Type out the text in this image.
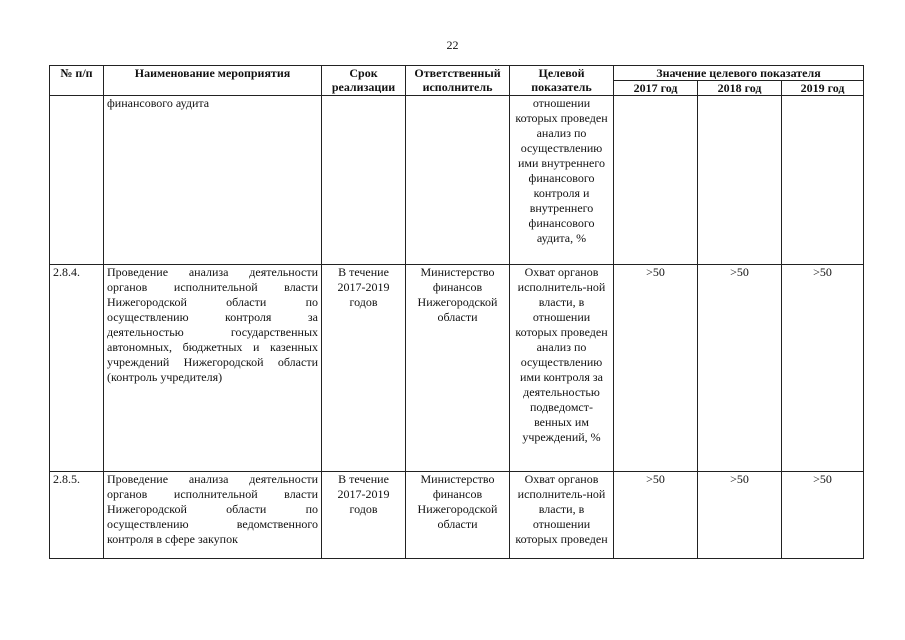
22
№ п/п	Наименование мероприятия	Срок реализации	Ответственный исполнитель	Целевой показатель	Значение целевого показателя		
					2017 год	2018 год	2019 год
	финансового аудита			отношении которых проведен анализ по осуществлению ими внутреннего финансового контроля и внутреннего финансового аудита, %			
2.8.4.	Проведение анализа деятельности органов исполнительной власти Нижегородской области по осуществлению контроля за деятельностью государственных автономных, бюджетных и казенных учреждений Нижегородской области (контроль учредителя)	В течение 2017-2019 годов	Министерство финансов Нижегородской области	Охват органов исполнитель-ной власти, в отношении которых проведен анализ по осуществлению ими контроля за деятельностью подведомст-венных им учреждений, %	>50	>50	>50
2.8.5.	Проведение анализа деятельности органов исполнительной власти Нижегородской области по осуществлению ведомственного контроля в сфере закупок	В течение 2017-2019 годов	Министерство финансов Нижегородской области	Охват органов исполнитель-ной власти, в отношении которых проведен	>50	>50	>50
